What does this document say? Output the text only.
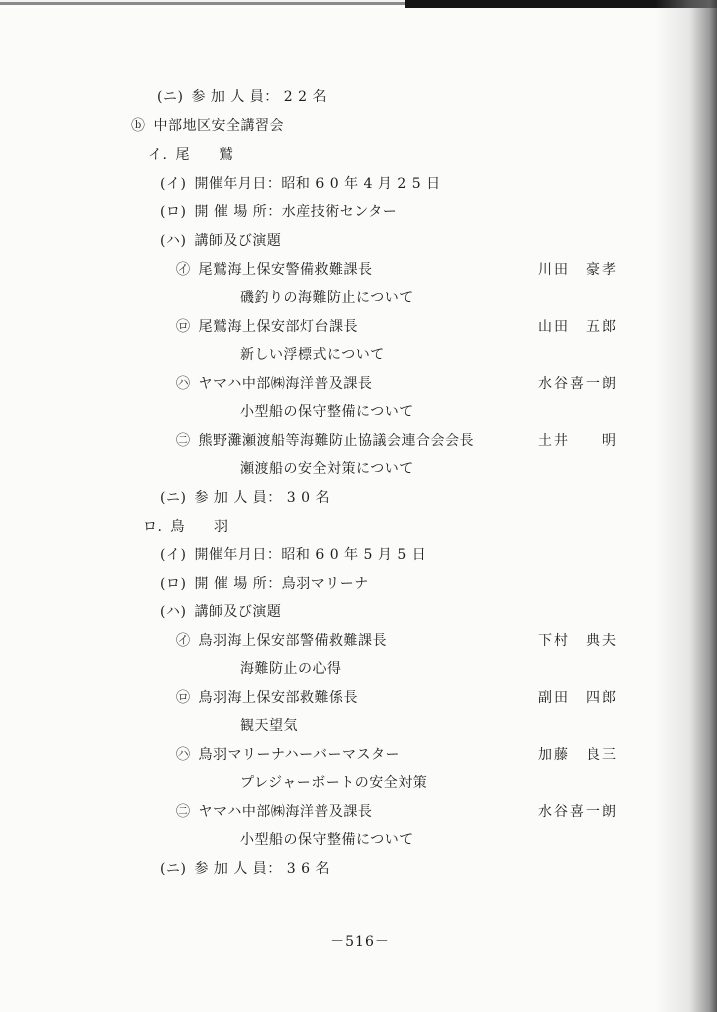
(ニ) 参 加 人 員： 2 2 名
ⓑ 中部地区安全講習会
イ. 尾　　鷲
(イ) 開催年月日：昭和 6 0 年 4 月 2 5 日
(ロ) 開 催 場 所：水産技術センター
(ハ) 講師及び演題
㋑ 尾鷲海上保安警備救難課長	川田　豪孝
磯釣りの海難防止について
㋺ 尾鷲海上保安部灯台課長	山田　五郎
新しい浮標式について
㋩ ヤマハ中部㈱海洋普及課長	水谷喜一朗
小型船の保守整備について
㊁ 熊野灘瀬渡船等海難防止協議会連合会会長	土井　　明
瀬渡船の安全対策について
(ニ) 参 加 人 員： 3 0 名
ロ. 鳥　　羽
(イ) 開催年月日：昭和 6 0 年 5 月 5 日
(ロ) 開 催 場 所：鳥羽マリーナ
(ハ) 講師及び演題
㋑ 鳥羽海上保安部警備救難課長	下村　典夫
海難防止の心得
㋺ 鳥羽海上保安部救難係長	副田　四郎
観天望気
㋩ 鳥羽マリーナハーバーマスター	加藤　良三
プレジャーボートの安全対策
㊁ ヤマハ中部㈱海洋普及課長	水谷喜一朗
小型船の保守整備について
(ニ) 参 加 人 員： 3 6 名
－516－
